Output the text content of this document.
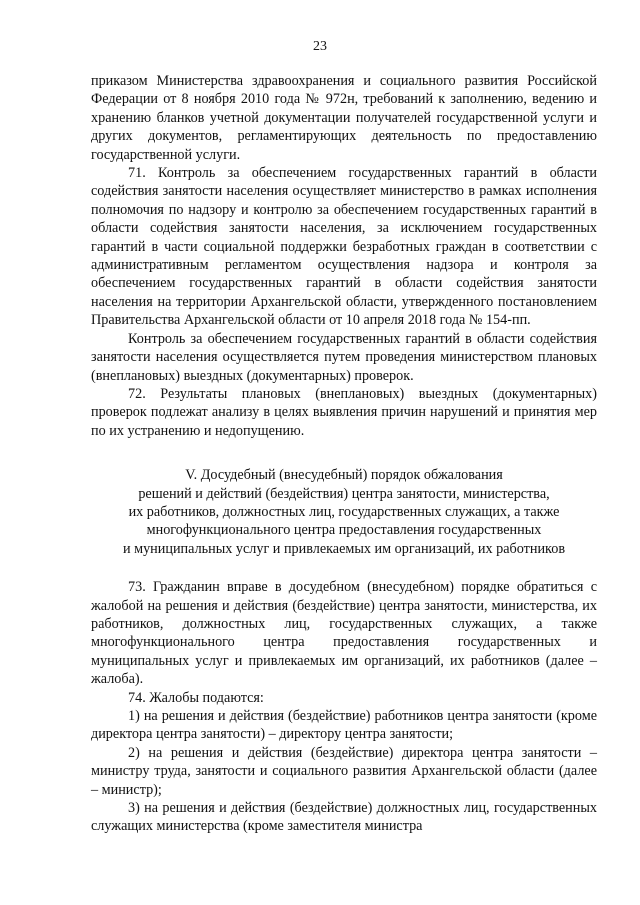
23

приказом Министерства здравоохранения и социального развития Российской Федерации от 8 ноября 2010 года № 972н, требований к заполнению, ведению и хранению бланков учетной документации получателей государственной услуги и других документов, регламентирующих деятельность по предоставлению государственной услуги.

71. Контроль за обеспечением государственных гарантий в области содействия занятости населения осуществляет министерство в рамках исполнения полномочия по надзору и контролю за обеспечением государственных гарантий в области содействия занятости населения, за исключением государственных гарантий в части социальной поддержки безработных граждан в соответствии с административным регламентом осуществления надзора и контроля за обеспечением государственных гарантий в области содействия занятости населения на территории Архангельской области, утвержденного постановлением Правительства Архангельской области от 10 апреля 2018 года № 154-пп.

Контроль за обеспечением государственных гарантий в области содействия занятости населения осуществляется путем проведения министерством плановых (внеплановых) выездных (документарных) проверок.

72. Результаты плановых (внеплановых) выездных (документарных) проверок подлежат анализу в целях выявления причин нарушений и принятия мер по их устранению и недопущению.

V. Досудебный (внесудебный) порядок обжалования
решений и действий (бездействия) центра занятости, министерства,
их работников, должностных лиц, государственных служащих, а также
многофункционального центра предоставления государственных
и муниципальных услуг и привлекаемых им организаций, их работников

73. Гражданин вправе в досудебном (внесудебном) порядке обратиться с жалобой на решения и действия (бездействие) центра занятости, министерства, их работников, должностных лиц, государственных служащих, а также многофункционального центра предоставления государственных и муниципальных услуг и привлекаемых им организаций, их работников (далее – жалоба).

74. Жалобы подаются:

1) на решения и действия (бездействие) работников центра занятости (кроме директора центра занятости) – директору центра занятости;

2) на решения и действия (бездействие) директора центра занятости – министру труда, занятости и социального развития Архангельской области (далее – министр);

3) на решения и действия (бездействие) должностных лиц, государственных служащих министерства (кроме заместителя министра
